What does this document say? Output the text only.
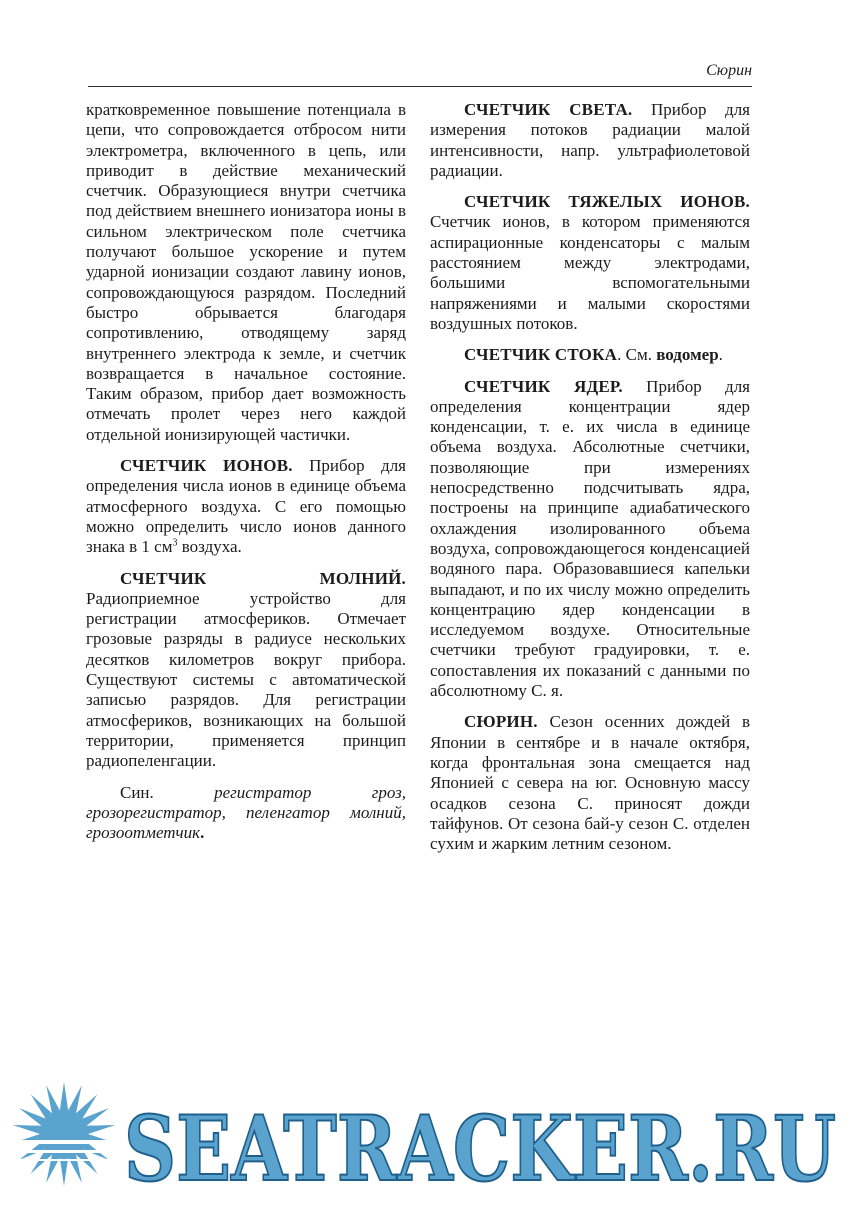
Сюрин

кратковременное повышение потенциала в цепи, что сопровождается отбросом нити электрометра, включенного в цепь, или приводит в действие механический счетчик. Образующиеся внутри счетчика под действием внешнего ионизатора ионы в сильном электрическом поле счетчика получают большое ускорение и путем ударной ионизации создают лавину ионов, сопровождающуюся разрядом. Последний быстро обрывается благодаря сопротивлению, отводящему заряд внутреннего электрода к земле, и счетчик возвращается в начальное состояние. Таким образом, прибор дает возможность отмечать пролет через него каждой отдельной ионизирующей частички.

СЧЕТЧИК ИОНОВ. Прибор для определения числа ионов в единице объема атмосферного воздуха. С его помощью можно определить число ионов данного знака в 1 $см^3$ воздуха.

СЧЕТЧИК МОЛНИЙ. Радиоприемное устройство для регистрации атмосфериков. Отмечает грозовые разряды в радиусе нескольких десятков километров вокруг прибора. Существуют системы с автоматической записью разрядов. Для регистрации атмосфериков, возникающих на большой территории, применяется принцип радиопеленгации.

Син.	регистратор гроз, грозорегистратор, пеленгатор молний, грозоотметчик.

СЧЕТЧИК СВЕТА. Прибор для измерения потоков радиации малой интенсивности, напр. ультрафиолетовой радиации.

СЧЕТЧИК ТЯЖЕЛЫХ ИОНОВ. Счетчик ионов, в котором применяются аспирационные конденсаторы с малым расстоянием между электродами, большими вспомогательными напряжениями и малыми скоростями воздушных потоков.

СЧЕТЧИК СТОКА. См. водомер.

СЧЕТЧИК ЯДЕР. Прибор для определения концентрации ядер конденсации, т. е. их числа в единице объема воздуха. Абсолютные счетчики, позволяющие при измерениях непосредственно подсчитывать ядра, построены на принципе адиабатического охлаждения изолированного объема воздуха, сопровождающегося конденсацией водяного пара. Образовавшиеся капельки выпадают, и по их числу можно определить концентрацию ядер конденсации в исследуемом воздухе. Относительные счетчики требуют градуировки, т. е. сопоставления их показаний с данными по абсолютному С. я.

СЮРИН. Сезон осенних дождей в Японии в сентябре и в начале октября, когда фронтальная зона смещается над Японией с севера на юг. Основную массу осадков сезона С. приносят дожди тайфунов. От сезона бай-у сезон С. отделен сухим и жарким летним сезоном.

SEATRACKER.RU
